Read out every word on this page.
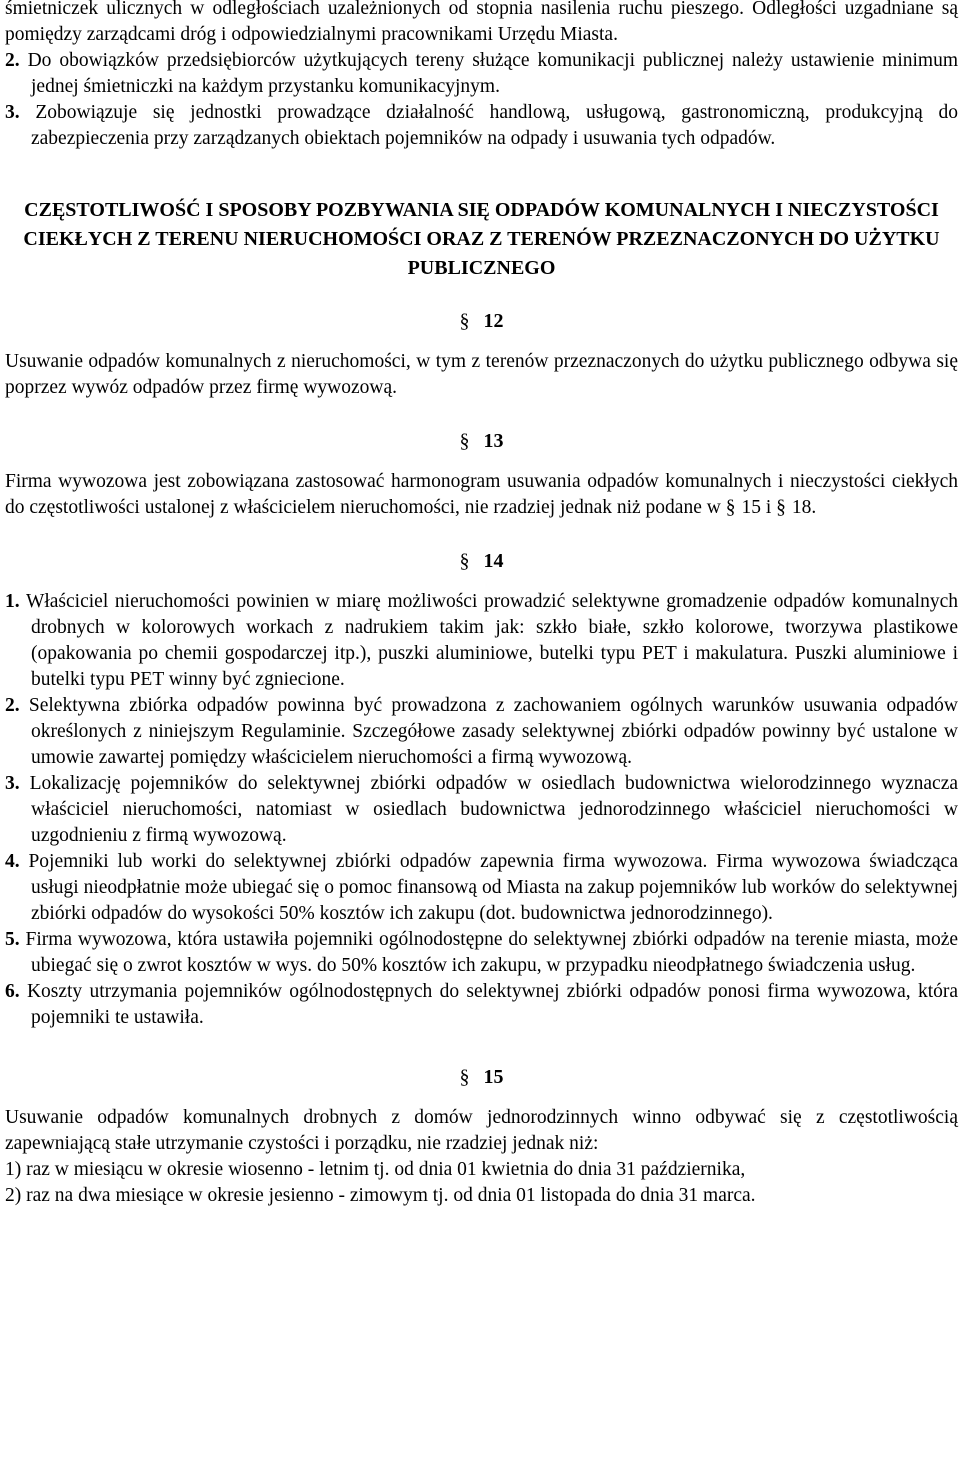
śmietniczek ulicznych w odległościach uzależnionych od stopnia nasilenia ruchu pieszego. Odległości uzgadniane są pomiędzy zarządcami dróg i odpowiedzialnymi pracownikami Urzędu Miasta.

2. Do obowiązków przedsiębiorców użytkujących tereny służące komunikacji publicznej należy ustawienie minimum jednej śmietniczki na każdym przystanku komunikacyjnym.

3. Zobowiązuje się jednostki prowadzące działalność handlową, usługową, gastronomiczną, produkcyjną do zabezpieczenia przy zarządzanych obiektach pojemników na odpady i usuwania tych odpadów.

CZĘSTOTLIWOŚĆ I SPOSOBY POZBYWANIA SIĘ ODPADÓW KOMUNALNYCH I NIECZYSTOŚCI CIEKŁYCH Z TERENU NIERUCHOMOŚCI ORAZ Z TERENÓW PRZEZNACZONYCH DO UŻYTKU PUBLICZNEGO

§ 12

Usuwanie odpadów komunalnych z nieruchomości, w tym z terenów przeznaczonych do użytku publicznego odbywa się poprzez wywóz odpadów przez firmę wywozową.

§ 13

Firma wywozowa jest zobowiązana zastosować harmonogram usuwania odpadów komunalnych i nieczystości ciekłych do częstotliwości ustalonej z właścicielem nieruchomości, nie rzadziej jednak niż podane w § 15 i § 18.

§ 14

1. Właściciel nieruchomości powinien w miarę możliwości prowadzić selektywne gromadzenie odpadów komunalnych drobnych w kolorowych workach z nadrukiem takim jak: szkło białe, szkło kolorowe, tworzywa plastikowe (opakowania po chemii gospodarczej itp.), puszki aluminiowe, butelki typu PET i makulatura. Puszki aluminiowe i butelki typu PET winny być zgniecione.

2. Selektywna zbiórka odpadów powinna być prowadzona z zachowaniem ogólnych warunków usuwania odpadów określonych z niniejszym Regulaminie. Szczegółowe zasady selektywnej zbiórki odpadów powinny być ustalone w umowie zawartej pomiędzy właścicielem nieruchomości a firmą wywozową.

3. Lokalizację pojemników do selektywnej zbiórki odpadów w osiedlach budownictwa wielorodzinnego wyznacza właściciel nieruchomości, natomiast w osiedlach budownictwa jednorodzinnego właściciel nieruchomości w uzgodnieniu z firmą wywozową.

4. Pojemniki lub worki do selektywnej zbiórki odpadów zapewnia firma wywozowa. Firma wywozowa świadcząca usługi nieodpłatnie może ubiegać się o pomoc finansową od Miasta na zakup pojemników lub worków do selektywnej zbiórki odpadów do wysokości 50% kosztów ich zakupu (dot. budownictwa jednorodzinnego).

5. Firma wywozowa, która ustawiła pojemniki ogólnodostępne do selektywnej zbiórki odpadów na terenie miasta, może ubiegać się o zwrot kosztów w wys. do 50% kosztów ich zakupu, w przypadku nieodpłatnego świadczenia usług.

6. Koszty utrzymania pojemników ogólnodostępnych do selektywnej zbiórki odpadów ponosi firma wywozowa, która pojemniki te ustawiła.

§ 15

Usuwanie odpadów komunalnych drobnych z domów jednorodzinnych winno odbywać się z częstotliwością zapewniającą stałe utrzymanie czystości i porządku, nie rzadziej jednak niż:

1) raz w miesiącu w okresie wiosenno - letnim tj. od dnia 01 kwietnia do dnia 31 października,

2) raz na dwa miesiące w okresie jesienno - zimowym tj. od dnia 01 listopada do dnia 31 marca.
